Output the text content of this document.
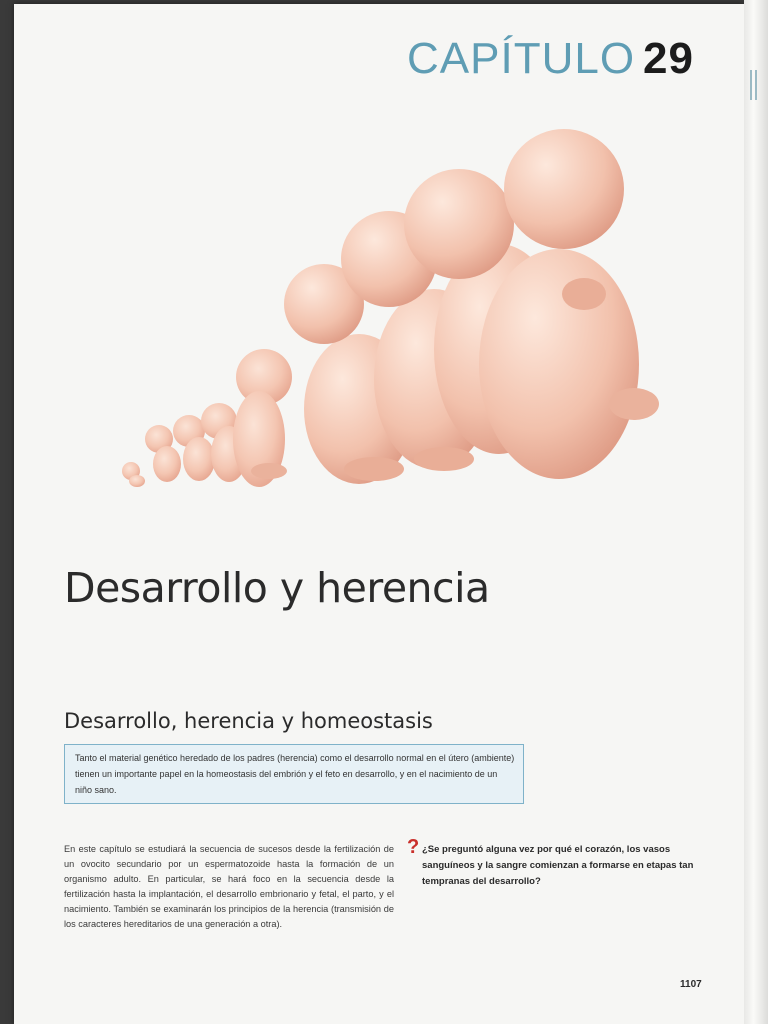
CAPÍTULO 29
Desarrollo y herencia
Desarrollo, herencia y homeostasis
Tanto el material genético heredado de los padres (herencia) como el desarrollo normal en el útero (ambiente) tienen un importante papel en la homeostasis del embrión y el feto en desarrollo, y en el nacimiento de un niño sano.

En este capítulo se estudiará la secuencia de sucesos desde la fertilización de un ovocito secundario por un espermatozoide hasta la formación de un organismo adulto. En particular, se hará foco en la secuencia desde la fertilización hasta la implantación, el desarrollo embrionario y fetal, el parto, y el nacimiento. También se examinarán los principios de la herencia (transmisión de los caracteres hereditarios de una generación a otra).

? ¿Se preguntó alguna vez por qué el corazón, los vasos sanguíneos y la sangre comienzan a formarse en etapas tan tempranas del desarrollo?

1107
